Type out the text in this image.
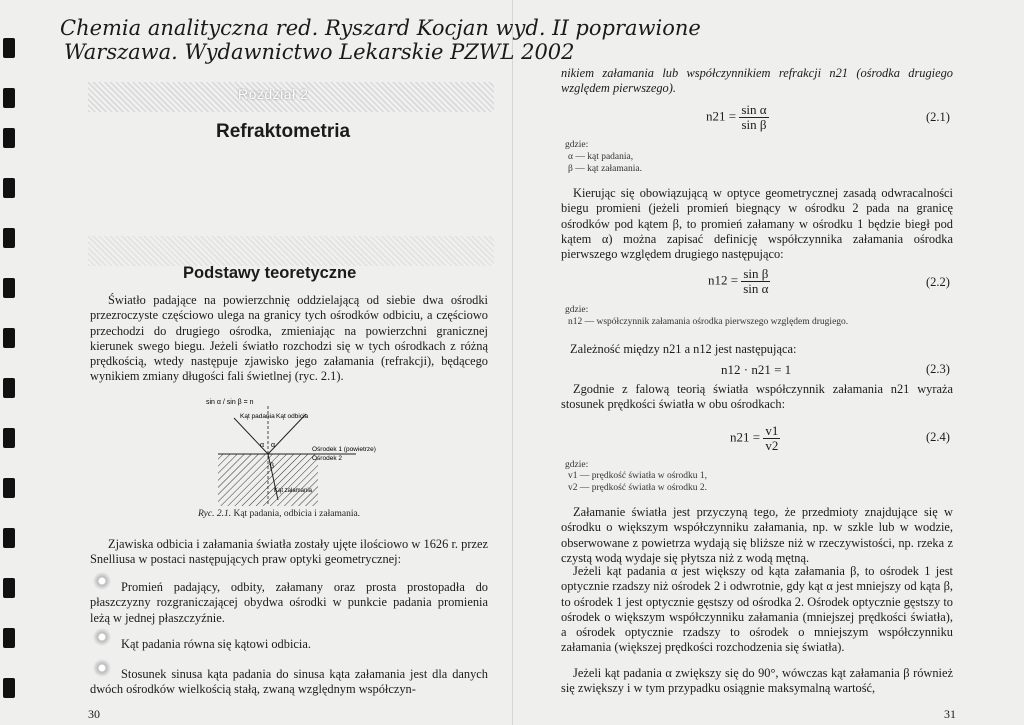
Chemia analityczna red. Ryszard Kocjan wyd. II poprawione
Warszawa. Wydawnictwo Lekarskie PZWL 2002
Rozdział 2
Refraktometria
Podstawy teoretyczne
Światło padające na powierzchnię oddzielającą od siebie dwa ośrodki przezroczyste częściowo ulega na granicy tych ośrodków odbiciu, a częściowo przechodzi do drugiego ośrodka, zmieniając na powierzchni granicznej kierunek swego biegu. Jeżeli światło rozchodzi się w tych ośrodkach z różną prędkością, wtedy następuje zjawisko jego załamania (refrakcji), będącego wynikiem zmiany długości fali świetlnej (ryc. 2.1).
sin α / sin β = n
Kąt padania Kąt odbicia
α α
β
Ośrodek 1 (powietrze)
Ośrodek 2
Kąt załamania
Ryc. 2.1. Kąt padania, odbicia i załamania.
Zjawiska odbicia i załamania światła zostały ujęte ilościowo w 1626 r. przez Snelliusa w postaci następujących praw optyki geometrycznej:
Promień padający, odbity, załamany oraz prosta prostopadła do płaszczyzny rozgraniczającej obydwa ośrodki w punkcie padania promienia leżą w jednej płaszczyźnie.
Kąt padania równa się kątowi odbicia.
Stosunek sinusa kąta padania do sinusa kąta załamania jest dla danych dwóch ośrodków wielkością stałą, zwaną względnym współczyn-
30
nikiem załamania lub współczynnikiem refrakcji n21 (ośrodka drugiego względem pierwszego).
$n21 = \frac{\text{sin α}}{\text{sin β}}$	(2.1)
gdzie:
α — kąt padania,
β — kąt załamania.
Kierując się obowiązującą w optyce geometrycznej zasadą odwracalności biegu promieni (jeżeli promień biegnący w ośrodku 2 pada na granicę ośrodków pod kątem β, to promień załamany w ośrodku 1 będzie biegł pod kątem α) można zapisać definicję współczynnika załamania ośrodka pierwszego względem drugiego następująco:
$n12 = \frac{\text{sin β}}{\text{sin α}}$	(2.2)
gdzie:
n12 — współczynnik załamania ośrodka pierwszego względem drugiego.
Zależność między n21 a n12 jest następująca:
n12 · n21 = 1	(2.3)
Zgodnie z falową teorią światła współczynnik załamania n21 wyraża stosunek prędkości światła w obu ośrodkach:
$n21 = \frac{v1}{v2}$	(2.4)
gdzie:
v1 — prędkość światła w ośrodku 1,
v2 — prędkość światła w ośrodku 2.
Załamanie światła jest przyczyną tego, że przedmioty znajdujące się w ośrodku o większym współczynniku załamania, np. w szkle lub w wodzie, obserwowane z powietrza wydają się bliższe niż w rzeczywistości, np. rzeka z czystą wodą wydaje się płytsza niż z wodą mętną.
Jeżeli kąt padania α jest większy od kąta załamania β, to ośrodek 1 jest optycznie rzadszy niż ośrodek 2 i odwrotnie, gdy kąt α jest mniejszy od kąta β, to ośrodek 1 jest optycznie gęstszy od ośrodka 2. Ośrodek optycznie gęstszy to ośrodek o większym współczynniku załamania (mniejszej prędkości światła), a ośrodek optycznie rzadszy to ośrodek o mniejszym współczynniku załamania (większej prędkości rozchodzenia się światła).
Jeżeli kąt padania α zwiększy się do 90°, wówczas kąt załamania β również się zwiększy i w tym przypadku osiągnie maksymalną wartość,
31
